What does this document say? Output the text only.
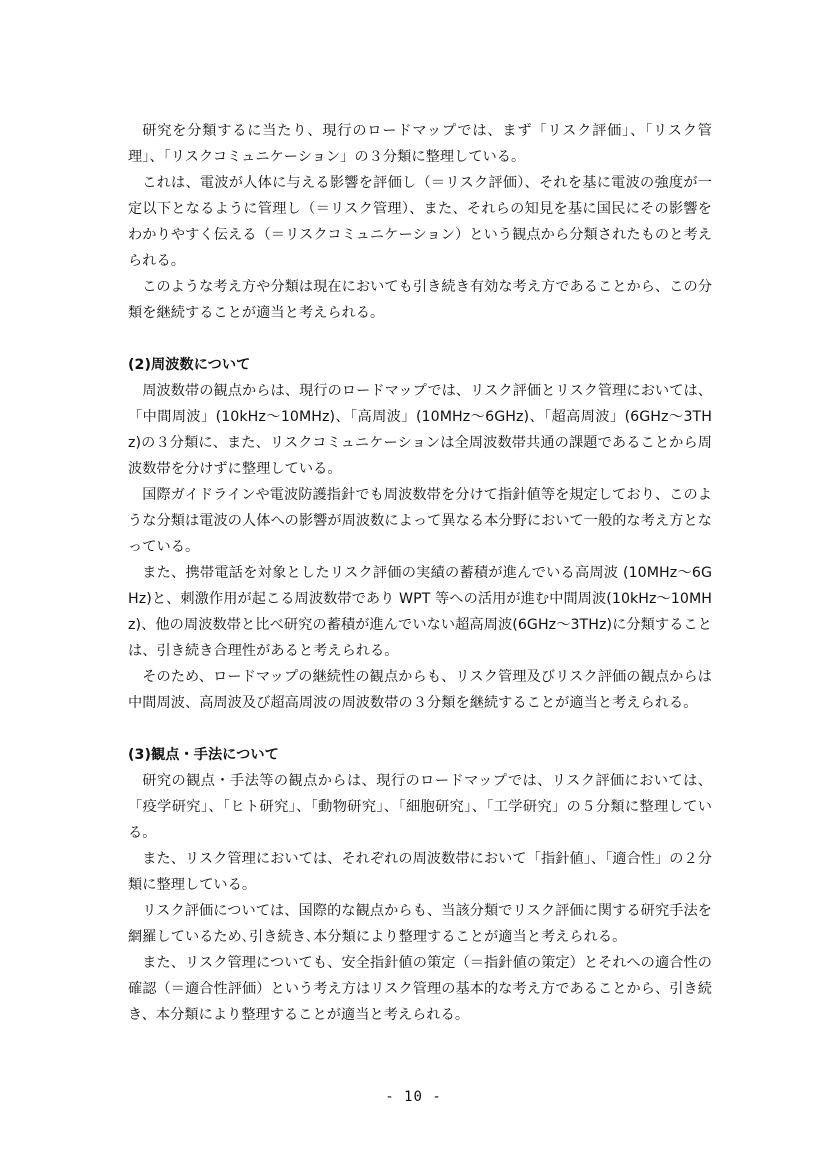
研究を分類するに当たり、現行のロードマップでは、まず「リスク評価」、「リスク管理」、「リスクコミュニケーション」の３分類に整理している。

これは、電波が人体に与える影響を評価し（＝リスク評価）、それを基に電波の強度が一定以下となるように管理し（＝リスク管理）、また、それらの知見を基に国民にその影響をわかりやすく伝える（＝リスクコミュニケーション）という観点から分類されたものと考えられる。

このような考え方や分類は現在においても引き続き有効な考え方であることから、この分類を継続することが適当と考えられる。

(2)周波数について

周波数帯の観点からは、現行のロードマップでは、リスク評価とリスク管理においては、「中間周波」(10kHz～10MHz)、「高周波」(10MHz～6GHz)、「超高周波」(6GHz～3THz)の３分類に、また、リスクコミュニケーションは全周波数帯共通の課題であることから周波数帯を分けずに整理している。

国際ガイドラインや電波防護指針でも周波数帯を分けて指針値等を規定しており、このような分類は電波の人体への影響が周波数によって異なる本分野において一般的な考え方となっている。

また、携帯電話を対象としたリスク評価の実績の蓄積が進んでいる高周波 (10MHz～6GHz)と、刺激作用が起こる周波数帯であり WPT 等への活用が進む中間周波(10kHz～10MHz)、他の周波数帯と比べ研究の蓄積が進んでいない超高周波(6GHz～3THz)に分類することは、引き続き合理性があると考えられる。

そのため、ロードマップの継続性の観点からも、リスク管理及びリスク評価の観点からは中間周波、高周波及び超高周波の周波数帯の３分類を継続することが適当と考えられる。

(3)観点・手法について

研究の観点・手法等の観点からは、現行のロードマップでは、リスク評価においては、「疫学研究」、「ヒト研究」、「動物研究」、「細胞研究」、「工学研究」の５分類に整理している。

また、リスク管理においては、それぞれの周波数帯において「指針値」、「適合性」の２分類に整理している。

リスク評価については、国際的な観点からも、当該分類でリスク評価に関する研究手法を網羅しているため､引き続き､本分類により整理することが適当と考えられる。

また、リスク管理についても、安全指針値の策定（＝指針値の策定）とそれへの適合性の確認（＝適合性評価）という考え方はリスク管理の基本的な考え方であることから、引き続き、本分類により整理することが適当と考えられる。

- 10 -
